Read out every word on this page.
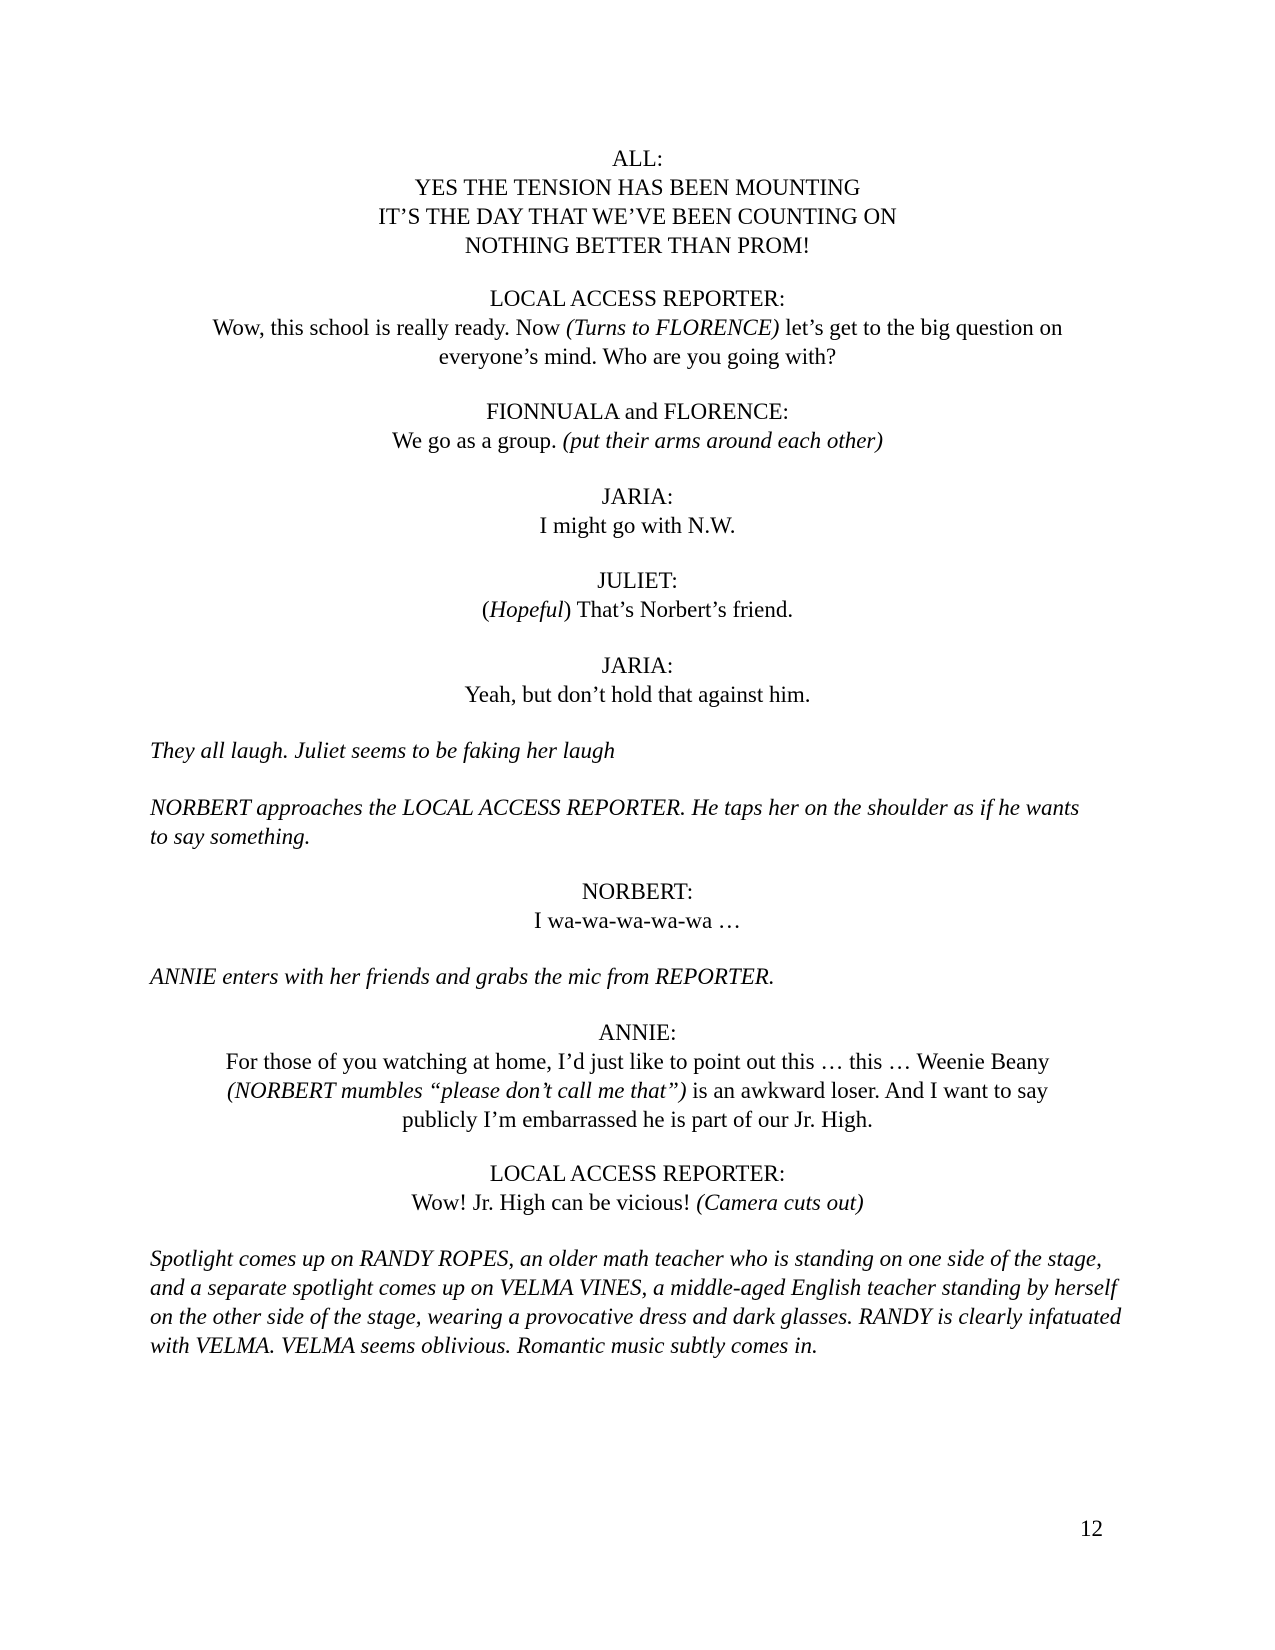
ALL:
YES THE TENSION HAS BEEN MOUNTING
IT’S THE DAY THAT WE’VE BEEN COUNTING ON
NOTHING BETTER THAN PROM!
LOCAL ACCESS REPORTER:
Wow, this school is really ready. Now (Turns to FLORENCE) let’s get to the big question on
everyone’s mind. Who are you going with?
FIONNUALA and FLORENCE:
We go as a group. (put their arms around each other)
JARIA:
I might go with N.W.
JULIET:
(Hopeful) That’s Norbert’s friend.
JARIA:
Yeah, but don’t hold that against him.
They all laugh. Juliet seems to be faking her laugh
NORBERT approaches the LOCAL ACCESS REPORTER. He taps her on the shoulder as if he wants to say something.
NORBERT:
I wa-wa-wa-wa-wa …
ANNIE enters with her friends and grabs the mic from REPORTER.
ANNIE:
For those of you watching at home, I’d just like to point out this … this … Weenie Beany
(NORBERT mumbles “please don’t call me that”) is an awkward loser. And I want to say
publicly I’m embarrassed he is part of our Jr. High.
LOCAL ACCESS REPORTER:
Wow! Jr. High can be vicious! (Camera cuts out)
Spotlight comes up on RANDY ROPES, an older math teacher who is standing on one side of the stage, and a separate spotlight comes up on VELMA VINES, a middle-aged English teacher standing by herself on the other side of the stage, wearing a provocative dress and dark glasses. RANDY is clearly infatuated with VELMA. VELMA seems oblivious. Romantic music subtly comes in.
12
